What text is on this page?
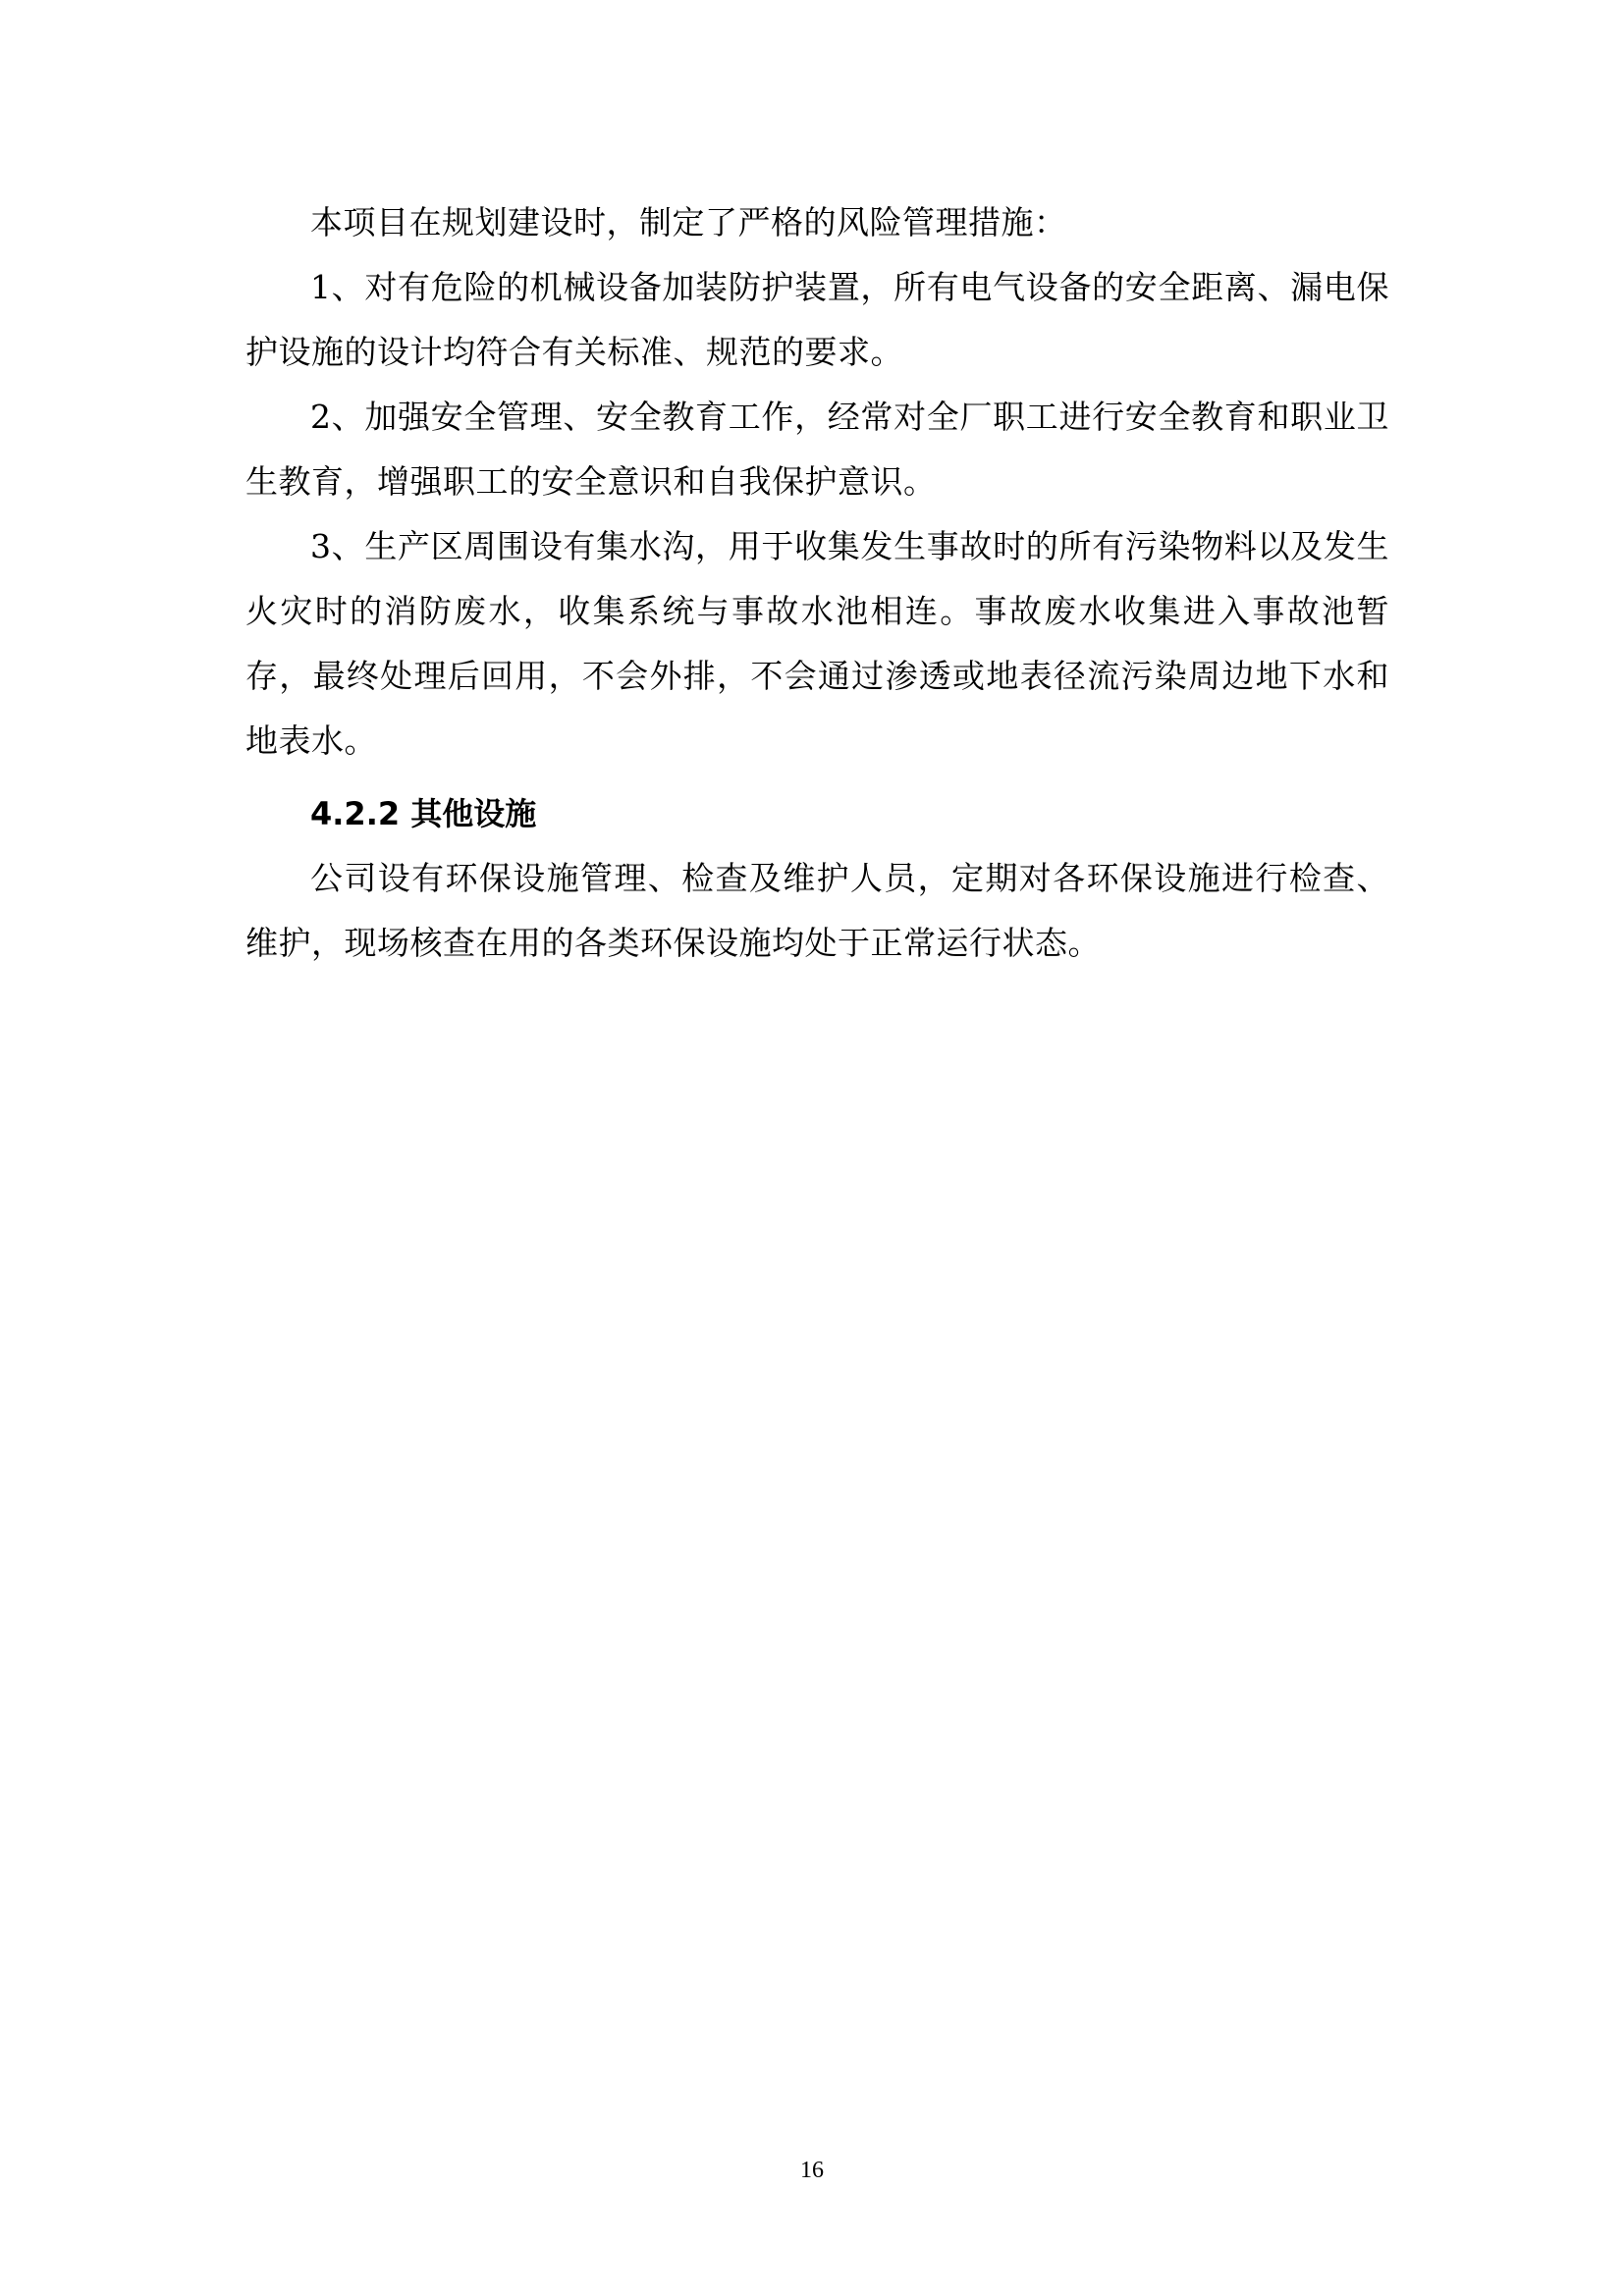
本项目在规划建设时，制定了严格的风险管理措施：

1、对有危险的机械设备加装防护装置，所有电气设备的安全距离、漏电保护设施的设计均符合有关标准、规范的要求。

2、加强安全管理、安全教育工作，经常对全厂职工进行安全教育和职业卫生教育，增强职工的安全意识和自我保护意识。

3、生产区周围设有集水沟，用于收集发生事故时的所有污染物料以及发生火灾时的消防废水，收集系统与事故水池相连。事故废水收集进入事故池暂存，最终处理后回用，不会外排，不会通过渗透或地表径流污染周边地下水和地表水。

4.2.2 其他设施

公司设有环保设施管理、检查及维护人员，定期对各环保设施进行检查、维护，现场核查在用的各类环保设施均处于正常运行状态。

16
